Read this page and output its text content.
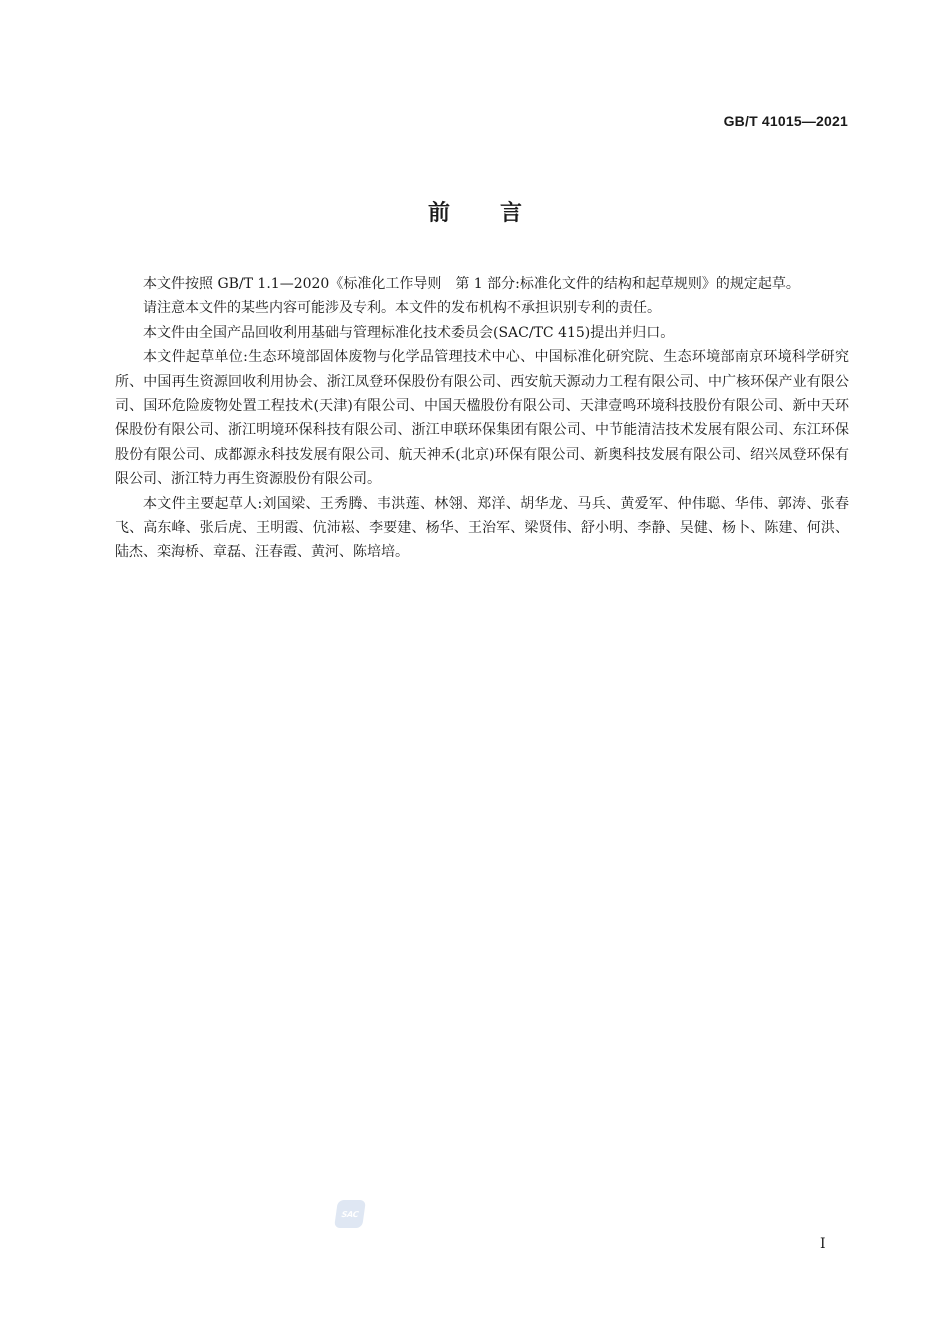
GB/T 41015—2021
前言

本文件按照 GB/T 1.1—2020《标准化工作导则　第 1 部分:标准化文件的结构和起草规则》的规定起草。

请注意本文件的某些内容可能涉及专利。本文件的发布机构不承担识别专利的责任。

本文件由全国产品回收利用基础与管理标准化技术委员会(SAC/TC 415)提出并归口。

本文件起草单位:生态环境部固体废物与化学品管理技术中心、中国标准化研究院、生态环境部南京环境科学研究所、中国再生资源回收利用协会、浙江凤登环保股份有限公司、西安航天源动力工程有限公司、中广核环保产业有限公司、国环危险废物处置工程技术(天津)有限公司、中国天楹股份有限公司、天津壹鸣环境科技股份有限公司、新中天环保股份有限公司、浙江明境环保科技有限公司、浙江申联环保集团有限公司、中节能清洁技术发展有限公司、东江环保股份有限公司、成都源永科技发展有限公司、航天神禾(北京)环保有限公司、新奥科技发展有限公司、绍兴凤登环保有限公司、浙江特力再生资源股份有限公司。

本文件主要起草人:刘国梁、王秀腾、韦洪莲、林翎、郑洋、胡华龙、马兵、黄爱军、仲伟聪、华伟、郭涛、张春飞、高东峰、张后虎、王明霞、伉沛崧、李要建、杨华、王治军、梁贤伟、舒小明、李静、吴健、杨卜、陈建、何洪、陆杰、栾海桥、章磊、汪春霞、黄河、陈培培。

SAC
I
